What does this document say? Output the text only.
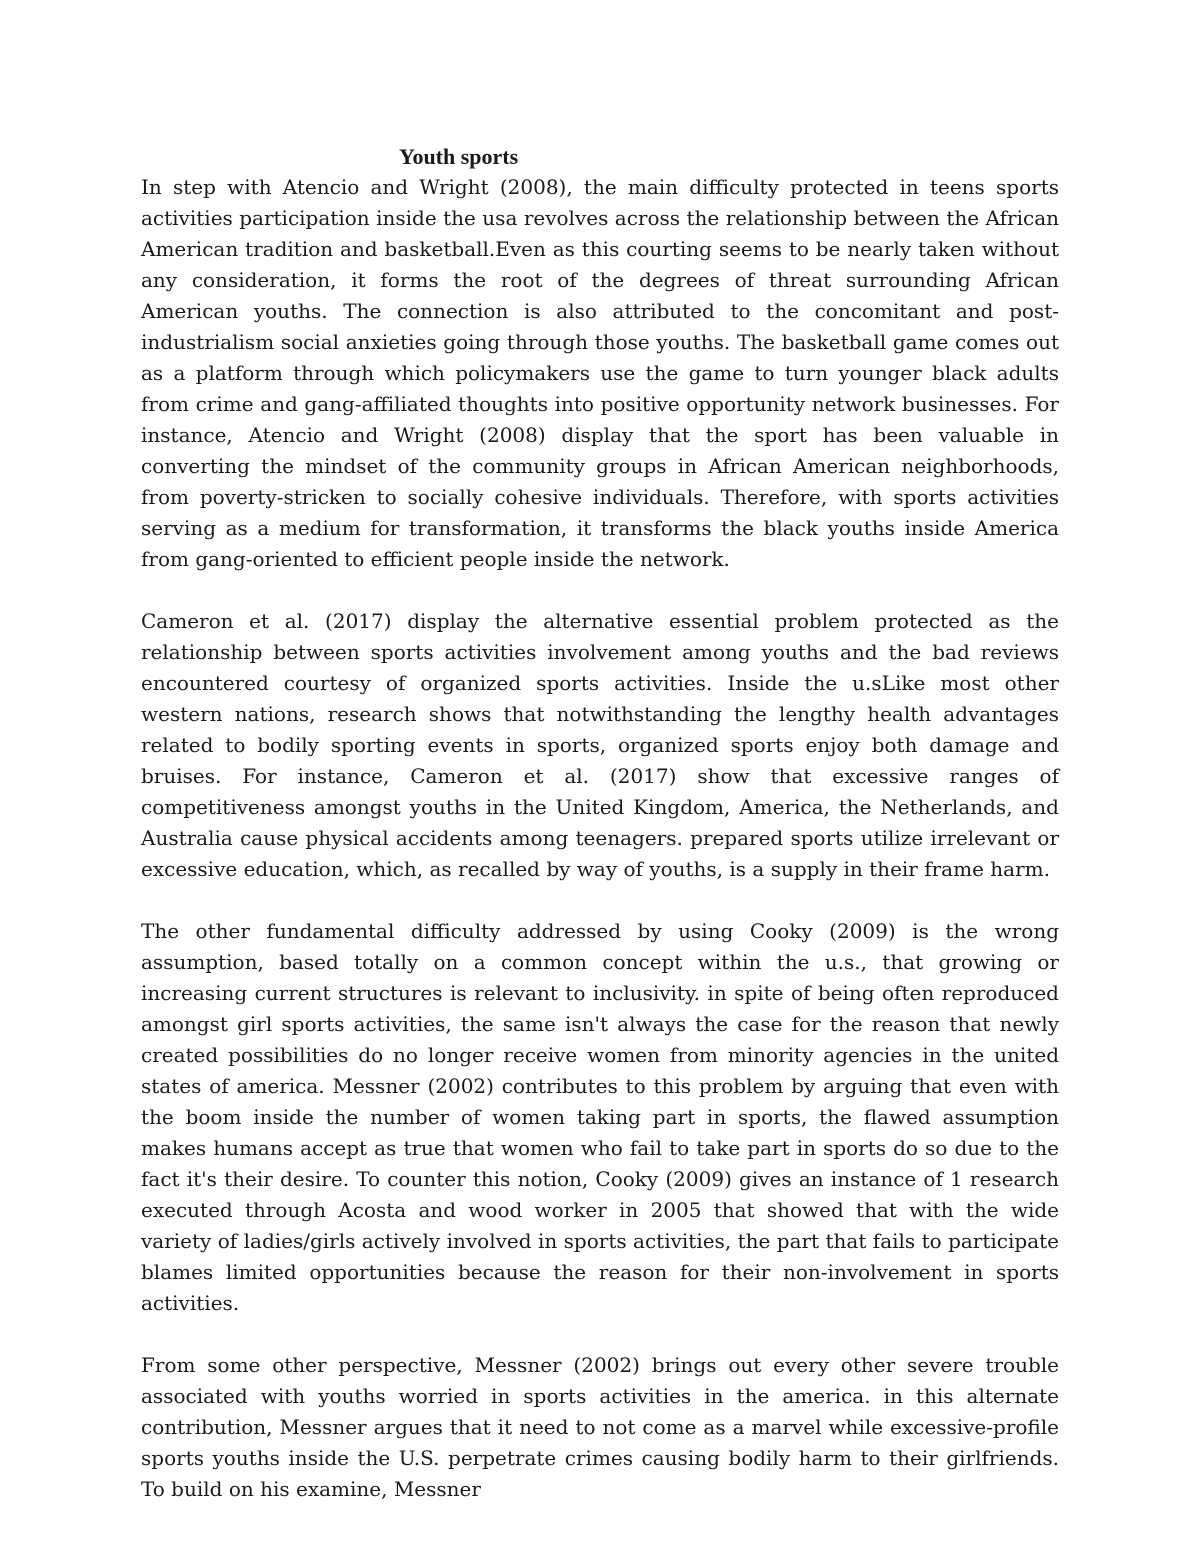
Youth sports

In step with Atencio and Wright (2008), the main difficulty protected in teens sports activities participation inside the usa revolves across the relationship between the African American tradition and basketball.Even as this courting seems to be nearly taken without any consideration, it forms the root of the degrees of threat surrounding African American youths. The connection is also attributed to the concomitant and post-industrialism social anxieties going through those youths. The basketball game comes out as a platform through which policymakers use the game to turn younger black adults from crime and gang-affiliated thoughts into positive opportunity network businesses. For instance, Atencio and Wright (2008) display that the sport has been valuable in converting the mindset of the community groups in African American neighborhoods, from poverty-stricken to socially cohesive individuals. Therefore, with sports activities serving as a medium for transformation, it transforms the black youths inside America from gang-oriented to efficient people inside the network.

Cameron et al. (2017) display the alternative essential problem protected as the relationship between sports activities involvement among youths and the bad reviews encountered courtesy of organized sports activities. Inside the u.sLike most other western nations, research shows that notwithstanding the lengthy health advantages related to bodily sporting events in sports, organized sports enjoy both damage and bruises. For instance, Cameron et al. (2017) show that excessive ranges of competitiveness amongst youths in the United Kingdom, America, the Netherlands, and Australia cause physical accidents among teenagers. prepared sports utilize irrelevant or excessive education, which, as recalled by way of youths, is a supply in their frame harm.

The other fundamental difficulty addressed by using Cooky (2009) is the wrong assumption, based totally on a common concept within the u.s., that growing or increasing current structures is relevant to inclusivity. in spite of being often reproduced amongst girl sports activities, the same isn't always the case for the reason that newly created possibilities do no longer receive women from minority agencies in the united states of america. Messner (2002) contributes to this problem by arguing that even with the boom inside the number of women taking part in sports, the flawed assumption makes humans accept as true that women who fail to take part in sports do so due to the fact it's their desire. To counter this notion, Cooky (2009) gives an instance of 1 research executed through Acosta and wood worker in 2005 that showed that with the wide variety of ladies/girls actively involved in sports activities, the part that fails to participate blames limited opportunities because the reason for their non-involvement in sports activities.

From some other perspective, Messner (2002) brings out every other severe trouble associated with youths worried in sports activities in the america. in this alternate contribution, Messner argues that it need to not come as a marvel while excessive-profile sports youths inside the U.S. perpetrate crimes causing bodily harm to their girlfriends. To build on his examine, Messner
